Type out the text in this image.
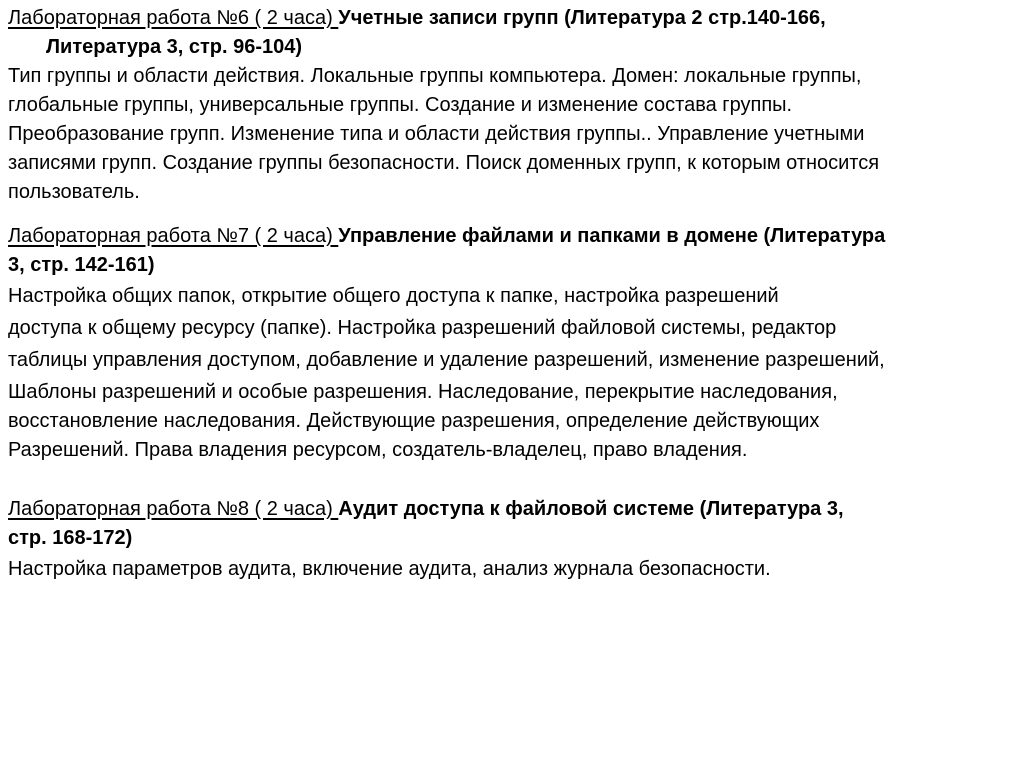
Лабораторная работа №6 ( 2 часа) Учетные записи групп (Литература 2 стр.140-166,
Литература 3, стр. 96-104)
Тип группы и области действия. Локальные группы компьютера. Домен: локальные группы,
глобальные группы, универсальные группы. Создание и изменение состава группы.
Преобразование групп. Изменение типа и области действия группы.. Управление учетными
записями групп. Создание группы безопасности. Поиск доменных групп, к которым относится
пользователь.
Лабораторная работа №7 ( 2 часа) Управление файлами и папками в домене (Литература
3, стр. 142-161)
Настройка общих папок, открытие общего доступа к папке, настройка разрешений
доступа к общему ресурсу (папке). Настройка разрешений файловой системы, редактор
таблицы управления доступом, добавление и удаление разрешений, изменение разрешений,
Шаблоны разрешений и особые разрешения. Наследование, перекрытие наследования,
восстановление наследования. Действующие разрешения, определение действующих
Разрешений. Права владения ресурсом, создатель-владелец, право владения.
Лабораторная работа №8 ( 2 часа) Аудит доступа к файловой системе (Литература 3,
стр. 168-172)
Настройка параметров аудита, включение аудита, анализ журнала безопасности.
